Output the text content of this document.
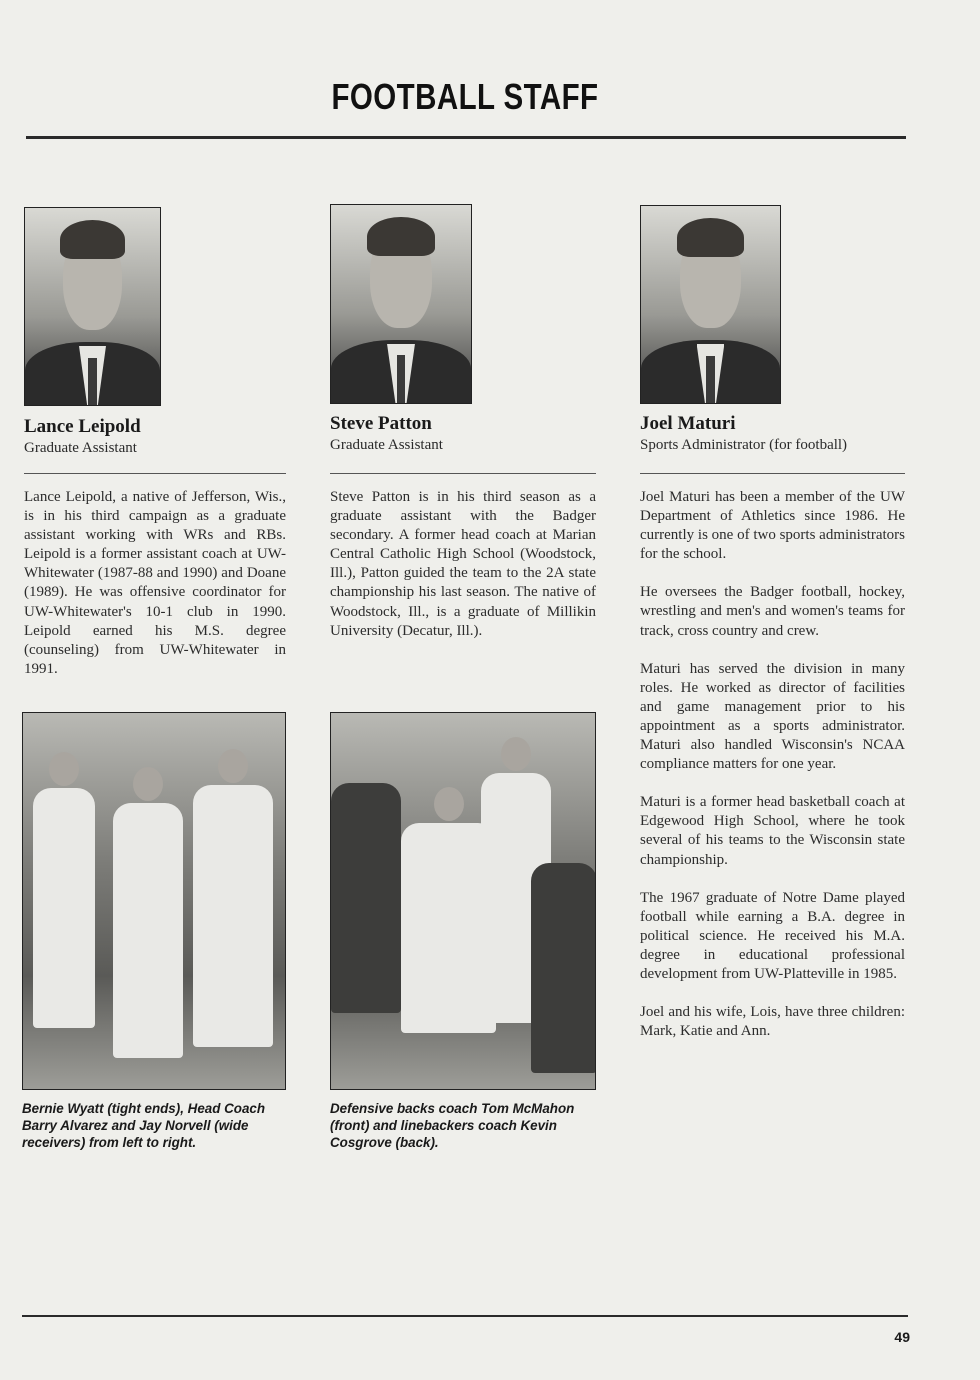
FOOTBALL STAFF
Lance Leipold
Graduate Assistant

Lance Leipold, a native of Jefferson, Wis., is in his third campaign as a graduate assistant working with WRs and RBs. Leipold is a former assistant coach at UW-Whitewater (1987-88 and 1990) and Doane (1989). He was offensive coordinator for UW-Whitewater's 10-1 club in 1990. Leipold earned his M.S. degree (counseling) from UW-Whitewater in 1991.

Steve Patton
Graduate Assistant

Steve Patton is in his third season as a graduate assistant with the Badger secondary. A former head coach at Marian Central Catholic High School (Woodstock, Ill.), Patton guided the team to the 2A state championship his last season. The native of Woodstock, Ill., is a graduate of Millikin University (Decatur, Ill.).

Joel Maturi
Sports Administrator (for football)

Joel Maturi has been a member of the UW Department of Athletics since 1986. He currently is one of two sports administrators for the school.

He oversees the Badger football, hockey, wrestling and men's and women's teams for track, cross country and crew.

Maturi has served the division in many roles. He worked as director of facilities and game management prior to his appointment as a sports administrator. Maturi also handled Wisconsin's NCAA compliance matters for one year.

Maturi is a former head basketball coach at Edgewood High School, where he took several of his teams to the Wisconsin state championship.

The 1967 graduate of Notre Dame played football while earning a B.A. degree in political science. He received his M.A. degree in educational professional development from UW-Platteville in 1985.

Joel and his wife, Lois, have three children: Mark, Katie and Ann.

Bernie Wyatt (tight ends), Head Coach Barry Alvarez and Jay Norvell (wide receivers) from left to right.

Defensive backs coach Tom McMahon (front) and linebackers coach Kevin Cosgrove (back).

49
